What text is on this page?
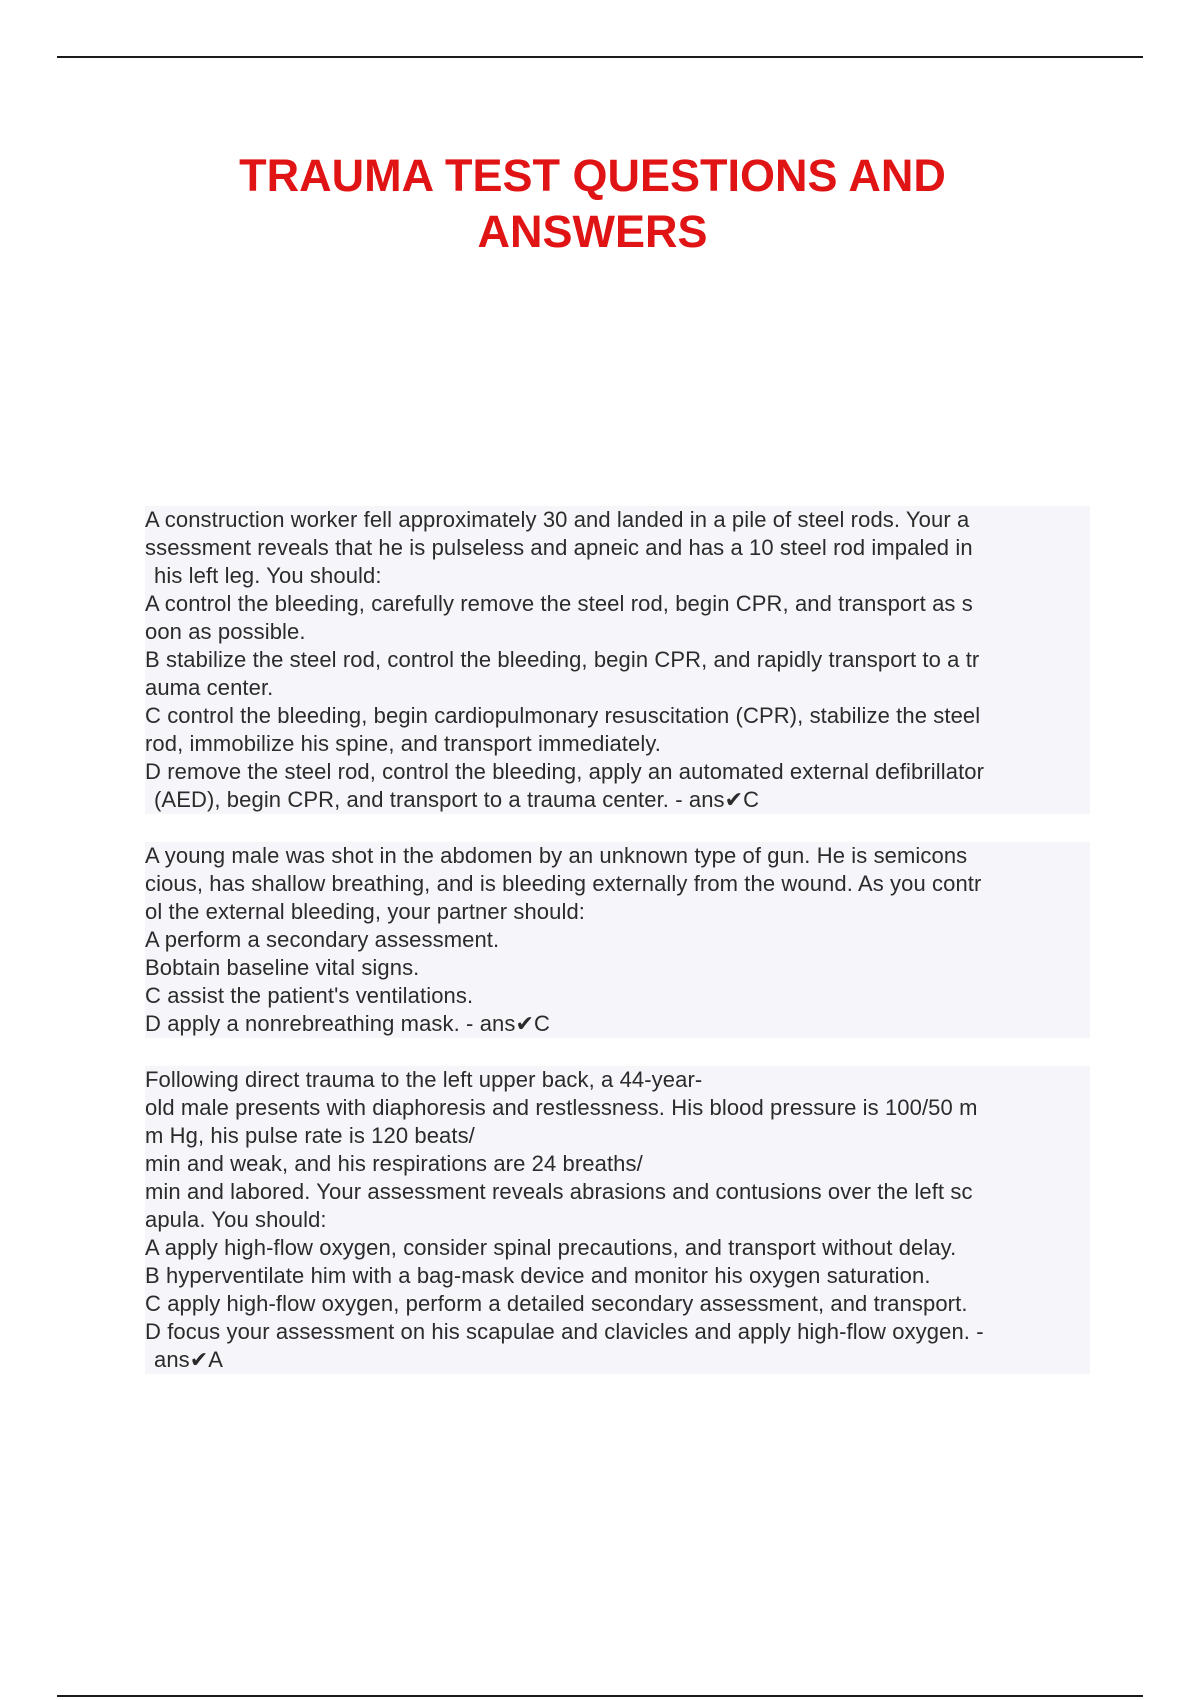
TRAUMA TEST QUESTIONS AND
ANSWERS
A construction worker fell approximately 30 and landed in a pile of steel rods. Your a
ssessment reveals that he is pulseless and apneic and has a 10 steel rod impaled in
his left leg. You should:
A control the bleeding, carefully remove the steel rod, begin CPR, and transport as s
oon as possible.
B stabilize the steel rod, control the bleeding, begin CPR, and rapidly transport to a tr
auma center.
C control the bleeding, begin cardiopulmonary resuscitation (CPR), stabilize the steel
rod, immobilize his spine, and transport immediately.
D remove the steel rod, control the bleeding, apply an automated external defibrillator
(AED), begin CPR, and transport to a trauma center. - ans✔C
A young male was shot in the abdomen by an unknown type of gun. He is semicons
cious, has shallow breathing, and is bleeding externally from the wound. As you contr
ol the external bleeding, your partner should:
A perform a secondary assessment.
Bobtain baseline vital signs.
C assist the patient's ventilations.
D apply a nonrebreathing mask. - ans✔C
Following direct trauma to the left upper back, a 44-year-
old male presents with diaphoresis and restlessness. His blood pressure is 100/50 m
m Hg, his pulse rate is 120 beats/
min and weak, and his respirations are 24 breaths/
min and labored. Your assessment reveals abrasions and contusions over the left sc
apula. You should:
A apply high-flow oxygen, consider spinal precautions, and transport without delay.
B hyperventilate him with a bag-mask device and monitor his oxygen saturation.
C apply high-flow oxygen, perform a detailed secondary assessment, and transport.
D focus your assessment on his scapulae and clavicles and apply high-flow oxygen. -
ans✔A
